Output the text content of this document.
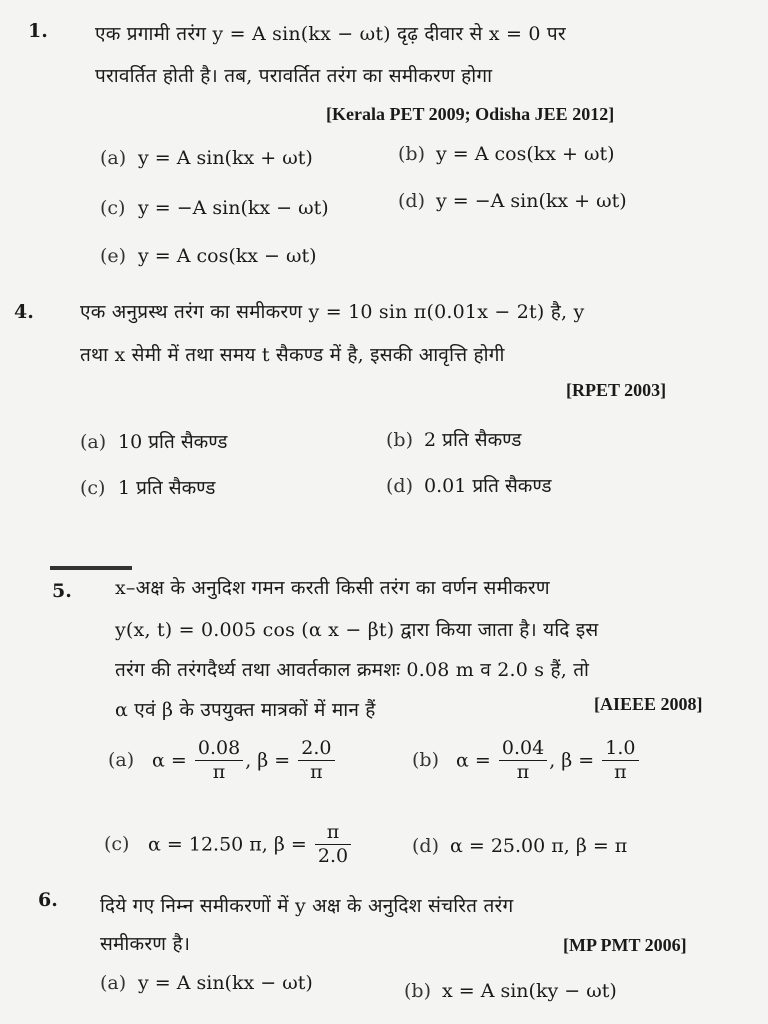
1. एक प्रगामी तरंग y = A sin(kx − ωt) दृढ़ दीवार से x = 0 पर
परावर्तित होती है। तब, परावर्तित तरंग का समीकरण होगा
[Kerala PET 2009; Odisha JEE 2012]
(a) y = A sin(kx + ωt)	(b) y = A cos(kx + ωt)
(c) y = −A sin(kx − ωt)	(d) y = −A sin(kx + ωt)
(e) y = A cos(kx − ωt)
4. एक अनुप्रस्थ तरंग का समीकरण y = 10 sin π(0.01x − 2t) है, y
तथा x सेमी में तथा समय t सैकण्ड में है, इसकी आवृत्ति होगी
[RPET 2003]
(a) 10 प्रति सैकण्ड	(b) 2 प्रति सैकण्ड
(c) 1 प्रति सैकण्ड	(d) 0.01 प्रति सैकण्ड
5. x–अक्ष के अनुदिश गमन करती किसी तरंग का वर्णन समीकरण
y(x, t) = 0.005 cos (α x − βt) द्वारा किया जाता है। यदि इस
तरंग की तरंगदैर्ध्य तथा आवर्तकाल क्रमशः 0.08 m व 2.0 s हैं, तो
α एवं β के उपयुक्त मात्रकों में मान हैं	[AIEEE 2008]
(a) $\alpha = \frac{0.08}{\pi}$ , $\beta = \frac{2.0}{\pi}$	(b) $\alpha = \frac{0.04}{\pi}$ , $\beta = \frac{1.0}{\pi}$
(c) α = 12.50 π, $\beta = \frac{\pi}{2.0}$	(d) α = 25.00 π, β = π
6. दिये गए निम्न समीकरणों में y अक्ष के अनुदिश संचरित तरंग
समीकरण है।	[MP PMT 2006]
(a) y = A sin(kx − ωt)	(b) x = A sin(ky − ωt)
